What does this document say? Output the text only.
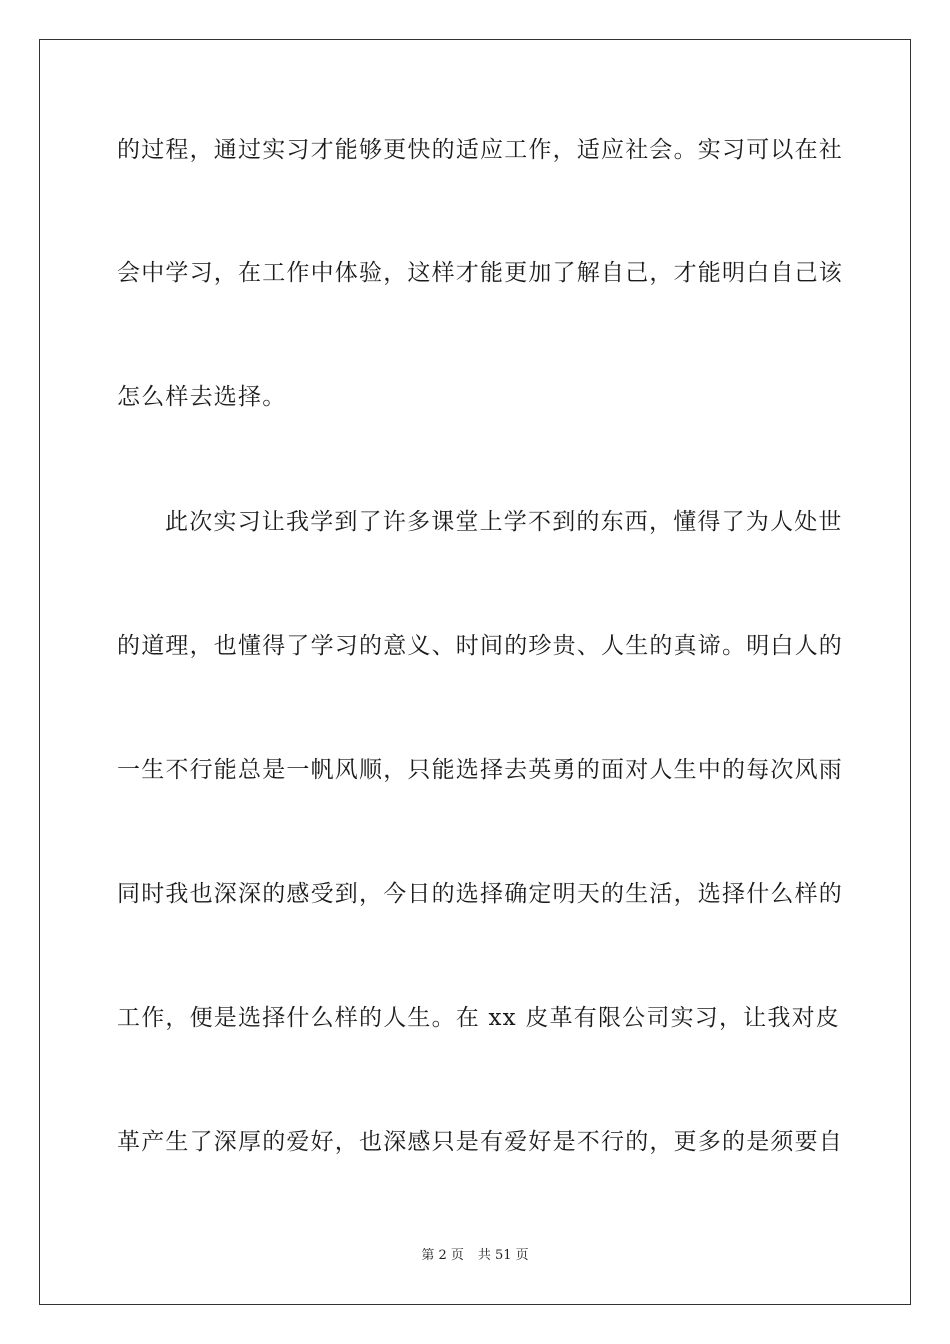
的过程，通过实习才能够更快的适应工作，适应社会。实习可以在社
会中学习，在工作中体验，这样才能更加了解自己，才能明白自己该
怎么样去选择。
此次实习让我学到了许多课堂上学不到的东西，懂得了为人处世
的道理，也懂得了学习的意义、时间的珍贵、人生的真谛。明白人的
一生不行能总是一帆风顺，只能选择去英勇的面对人生中的每次风雨
同时我也深深的感受到，今日的选择确定明天的生活，选择什么样的
工作，便是选择什么样的人生。在 xx 皮革有限公司实习，让我对皮
革产生了深厚的爱好，也深感只是有爱好是不行的，更多的是须要自
第 2 页 共 51 页
